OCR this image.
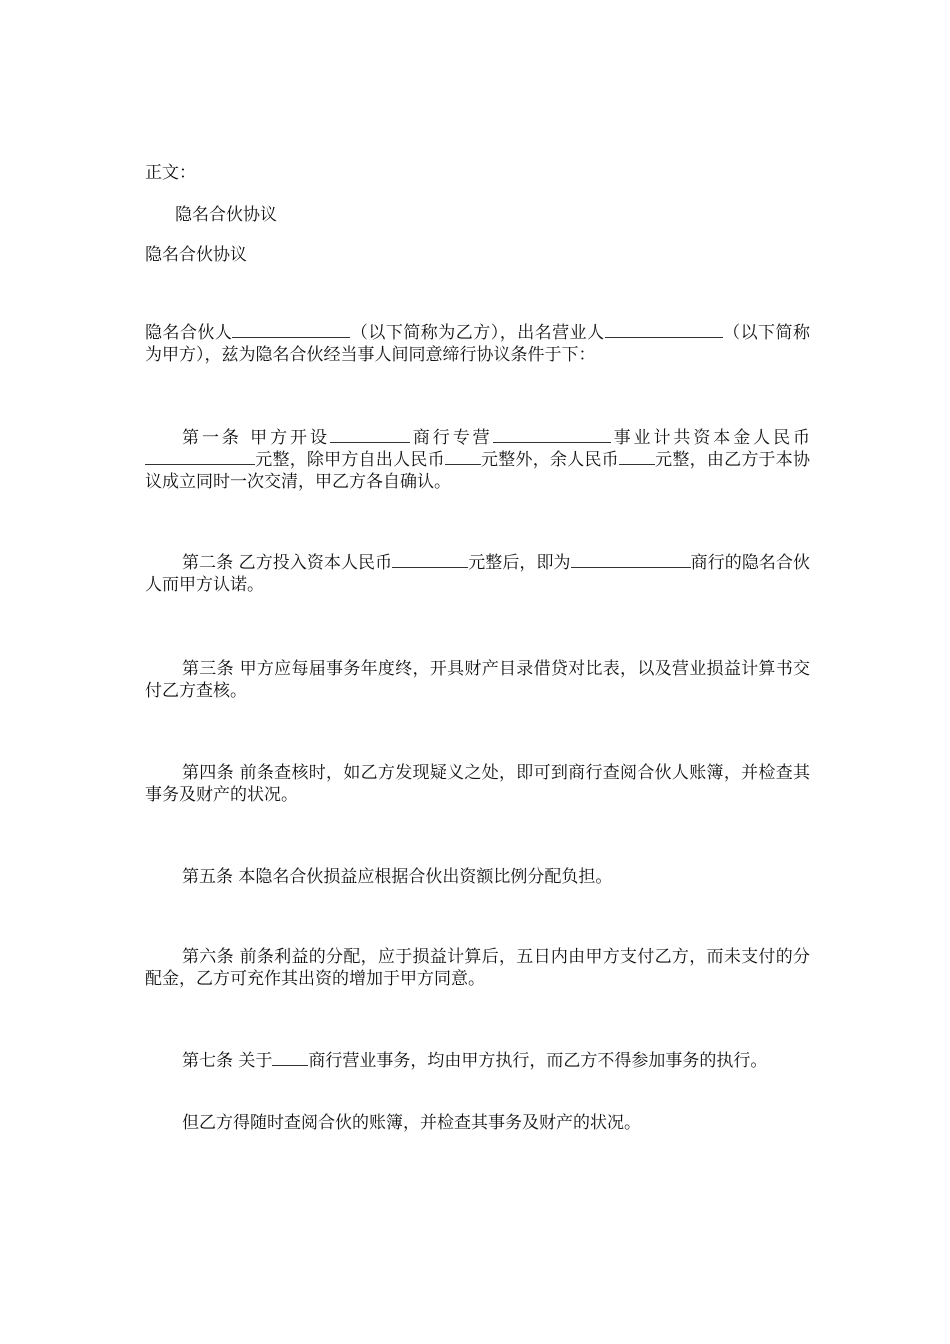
正文：
隐名合伙协议
隐名合伙协议
隐名合伙人	（以下简称为乙方），出名营业人	（以下简称为甲方），兹为隐名合伙经当事人间同意缔行协议条件于下：
第一条 甲方开设	商行专营	事业计共资本金人民币元整，除甲方自出人民币 元整外，余人民币 元整，由乙方于本协议成立同时一次交清，甲乙方各自确认。
第二条 乙方投入资本人民币	元整后，即为	商行的隐名合伙人而甲方认诺。
第三条 甲方应每届事务年度终，开具财产目录借贷对比表，以及营业损益计算书交付乙方查核。
第四条 前条查核时，如乙方发现疑义之处，即可到商行查阅合伙人账簿，并检查其事务及财产的状况。
第五条 本隐名合伙损益应根据合伙出资额比例分配负担。
第六条 前条利益的分配，应于损益计算后，五日内由甲方支付乙方，而未支付的分配金，乙方可充作其出资的增加于甲方同意。
第七条 关于 商行营业事务，均由甲方执行，而乙方不得参加事务的执行。
但乙方得随时查阅合伙的账簿，并检查其事务及财产的状况。
